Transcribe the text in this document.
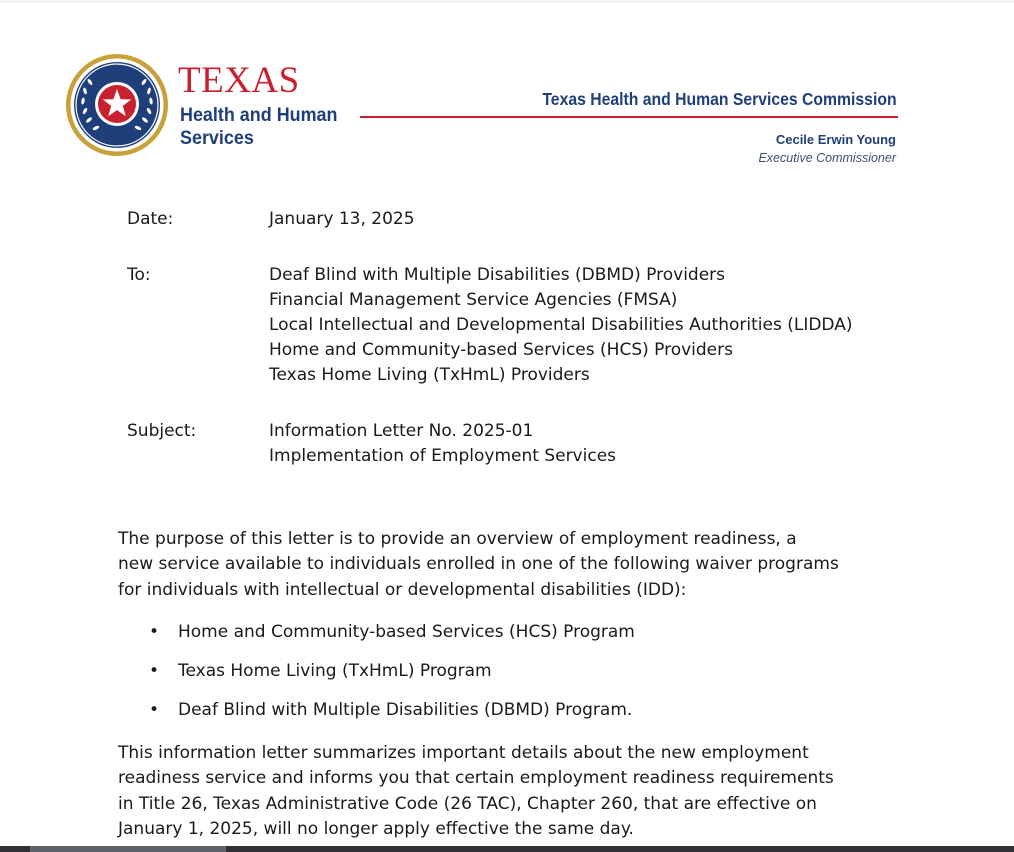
TEXAS
Health and Human
Services
Texas Health and Human Services Commission
Cecile Erwin Young
Executive Commissioner
Date:	January 13, 2025
To:	Deaf Blind with Multiple Disabilities (DBMD) Providers
Financial Management Service Agencies (FMSA)
Local Intellectual and Developmental Disabilities Authorities (LIDDA)
Home and Community-based Services (HCS) Providers
Texas Home Living (TxHmL) Providers
Subject:	Information Letter No. 2025-01
Implementation of Employment Services
The purpose of this letter is to provide an overview of employment readiness, a
new service available to individuals enrolled in one of the following waiver programs
for individuals with intellectual or developmental disabilities (IDD):
• Home and Community-based Services (HCS) Program
• Texas Home Living (TxHmL) Program
• Deaf Blind with Multiple Disabilities (DBMD) Program.
This information letter summarizes important details about the new employment
readiness service and informs you that certain employment readiness requirements
in Title 26, Texas Administrative Code (26 TAC), Chapter 260, that are effective on
January 1, 2025, will no longer apply effective the same day.
